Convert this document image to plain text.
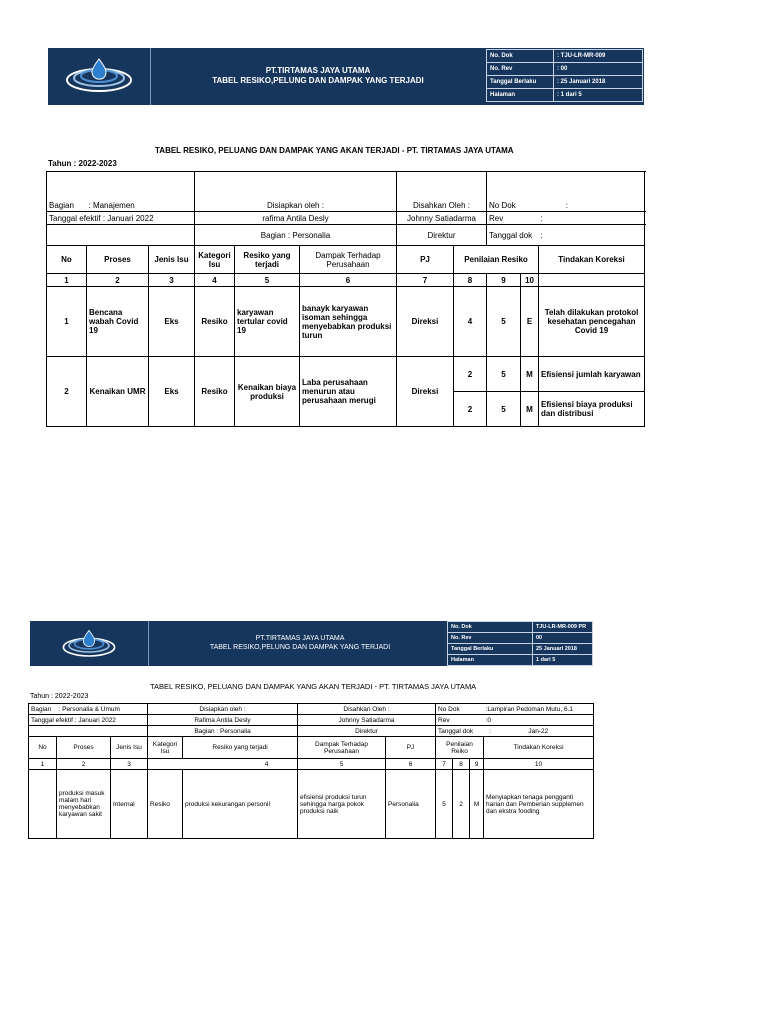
PT.TIRTAMAS JAYA UTAMA
TABEL RESIKO,PELUNG DAN DAMPAK YANG TERJADI
No. Dok	: TJU-LR-MR-009
No. Rev	: 00
Tanggal Berlaku	: 25 Januari 2018
Halaman	: 1 dari 5
TABEL RESIKO, PELUANG DAN DAMPAK YANG AKAN TERJADI - PT. TIRTAMAS JAYA UTAMA
Tahun : 2022-2023
Bagian	: Manajemen		Disiapkan oleh :			Disahkan Oleh :		No Dok :	
Tanggal efektif : Januari 2022			rafima Antila Desly			Johnny Satiadarma		Rev		:	
			Bagian : Personalia			Direktur		Tanggal dok		:	
No	Proses	Jenis Isu	Kategori Isu	Resiko yang terjadi	Dampak Terhadap Perusahaan	PJ	Penilaian Resiko			Tindakan Koreksi	
1	2	3	4	5	6	7	8	9	10	
1	Bencana wabah Covid 19	Eks	Resiko	karyawan tertular covid 19	banayk karyawan isoman sehingga menyebabkan produksi turun	Direksi	4	5	E	Telah dilakukan protokol kesehatan pencegahan Covid 19	
2	Kenaikan UMR	Eks	Resiko	Kenaikan biaya produksi	Laba perusahaan menurun atau perusahaan merugi	Direksi	2	5	M	Efisiensi jumlah karyawan	
							2	5	M	Efisiensi biaya produksi dan distribusi	
PT.TIRTAMAS JAYA UTAMA
TABEL RESIKO,PELUNG DAN DAMPAK YANG TERJADI
No. Dok	TJU-LR-MR-009 PR
No. Rev	00
Tanggal Berlaku	25 Januari 2018
Halaman	1 dari 5
TABEL RESIKO, PELUANG DAN DAMPAK YANG AKAN TERJADI - PT. TIRTAMAS JAYA UTAMA
Tahun : 2022-2023
Bagian	: Personalia & Umum		Disiapkan oleh :		Disahkan Oleh :		No Dok			:Lampiran Pedoman Mutu, 6.1
Tanggal efektif : Januari 2022			Rafima Antila Desly		Johnny Satiadarma		Rev			:0
			Bagian : Personalia		Direktur		Tanggal dok :			Jan-22
No	Proses	Jenis Isu	Kategori Isu	Resiko yang terjadi	Dampak Terhadap Perusahaan	PJ	Penilaian Reiko			Tindakan Koreksi
1	2	3	4		5	6	7	8	9	10
	produksi masuk malam hari menyebabkan karyawan sakit	Internal	Resiko	produksi kekurangan personil	efisiensi produksi turun sehingga harga pokok produksi naik	Personalia	5	2	M	Menyiapkan tenaga pengganti harian dan Pemberian supplemen dan ekstra fooding
